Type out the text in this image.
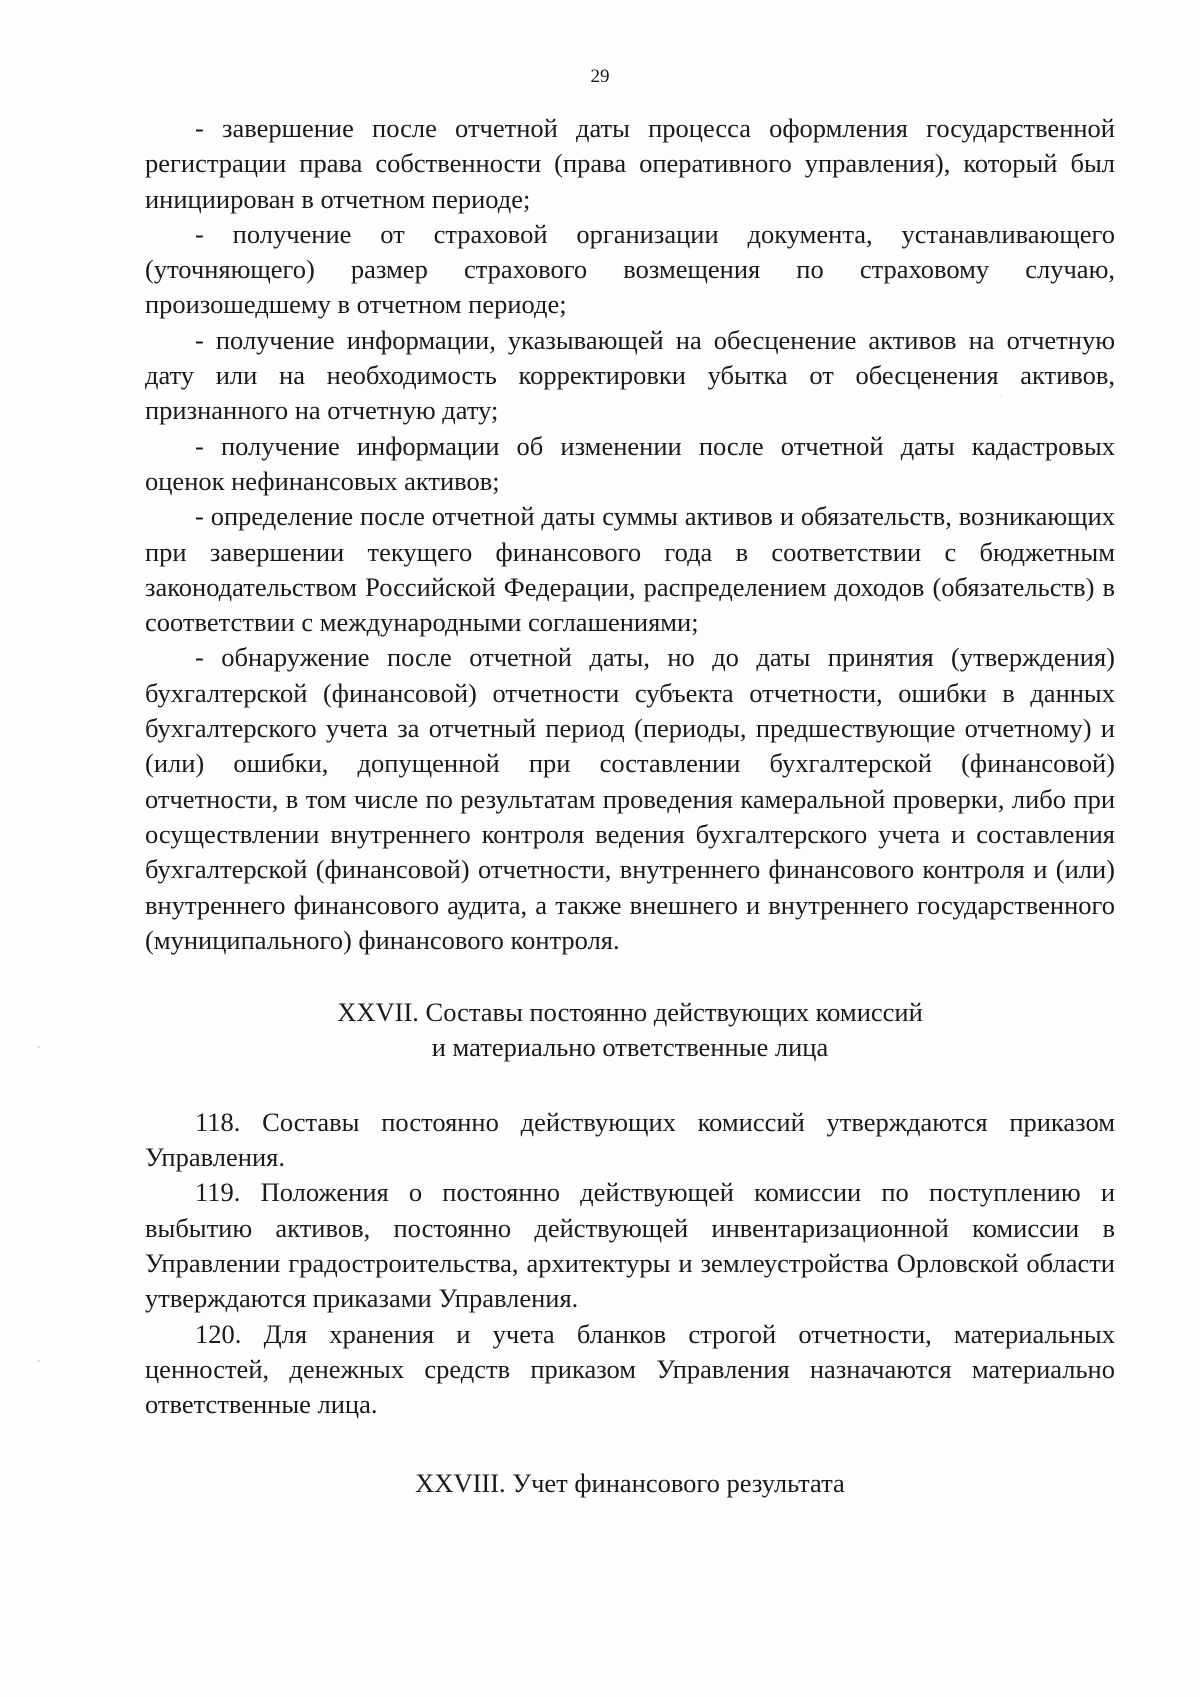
29

- завершение после отчетной даты процесса оформления государственной регистрации права собственности (права оперативного управления), который был инициирован в отчетном периоде;

- получение от страховой организации документа, устанавливающего (уточняющего) размер страхового возмещения по страховому случаю, произошедшему в отчетном периоде;

- получение информации, указывающей на обесценение активов на отчетную дату или на необходимость корректировки убытка от обесценения активов, признанного на отчетную дату;

- получение информации об изменении после отчетной даты кадастровых оценок нефинансовых активов;

- определение после отчетной даты суммы активов и обязательств, возникающих при завершении текущего финансового года в соответствии с бюджетным законодательством Российской Федерации, распределением доходов (обязательств) в соответствии с международными соглашениями;

- обнаружение после отчетной даты, но до даты принятия (утверждения) бухгалтерской (финансовой) отчетности субъекта отчетности, ошибки в данных бухгалтерского учета за отчетный период (периоды, предшествующие отчетному) и (или) ошибки, допущенной при составлении бухгалтерской (финансовой) отчетности, в том числе по результатам проведения камеральной проверки, либо при осуществлении внутреннего контроля ведения бухгалтерского учета и составления бухгалтерской (финансовой) отчетности, внутреннего финансового контроля и (или) внутреннего финансового аудита, а также внешнего и внутреннего государственного (муниципального) финансового контроля.

XXVII. Составы постоянно действующих комиссий
и материально ответственные лица

118. Составы постоянно действующих комиссий утверждаются приказом Управления.

119. Положения о постоянно действующей комиссии по поступлению и выбытию активов, постоянно действующей инвентаризационной комиссии в Управлении градостроительства, архитектуры и землеустройства Орловской области утверждаются приказами Управления.

120. Для хранения и учета бланков строгой отчетности, материальных ценностей, денежных средств приказом Управления назначаются материально ответственные лица.

XXVIII. Учет финансового результата
